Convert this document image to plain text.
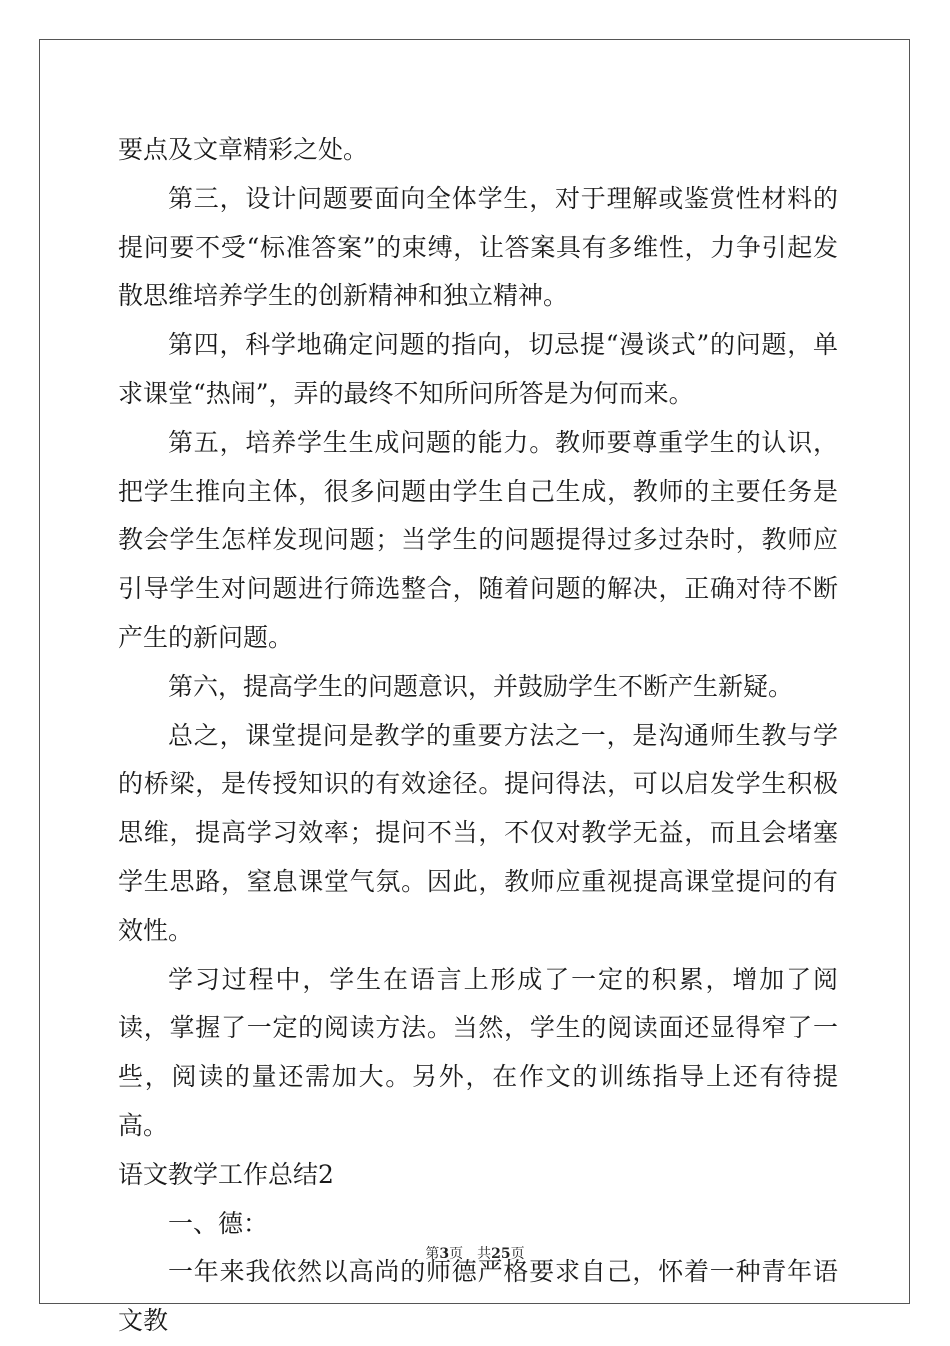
要点及文章精彩之处。

第三，设计问题要面向全体学生，对于理解或鉴赏性材料的提问要不受“标准答案”的束缚，让答案具有多维性，力争引起发散思维培养学生的创新精神和独立精神。

第四，科学地确定问题的指向，切忌提“漫谈式”的问题，单求课堂“热闹”，弄的最终不知所问所答是为何而来。

第五，培养学生生成问题的能力。教师要尊重学生的认识，把学生推向主体，很多问题由学生自己生成，教师的主要任务是教会学生怎样发现问题；当学生的问题提得过多过杂时，教师应引导学生对问题进行筛选整合，随着问题的解决，正确对待不断产生的新问题。

第六，提高学生的问题意识，并鼓励学生不断产生新疑。

总之，课堂提问是教学的重要方法之一，是沟通师生教与学的桥梁，是传授知识的有效途径。提问得法，可以启发学生积极思维，提高学习效率；提问不当，不仅对教学无益，而且会堵塞学生思路，窒息课堂气氛。因此，教师应重视提高课堂提问的有效性。

学习过程中，学生在语言上形成了一定的积累，增加了阅读，掌握了一定的阅读方法。当然，学生的阅读面还显得窄了一些，阅读的量还需加大。另外，在作文的训练指导上还有待提高。

语文教学工作总结2

一、德：

一年来我依然以高尚的师德严格要求自己，怀着一种青年语文教

第3页 共25页
